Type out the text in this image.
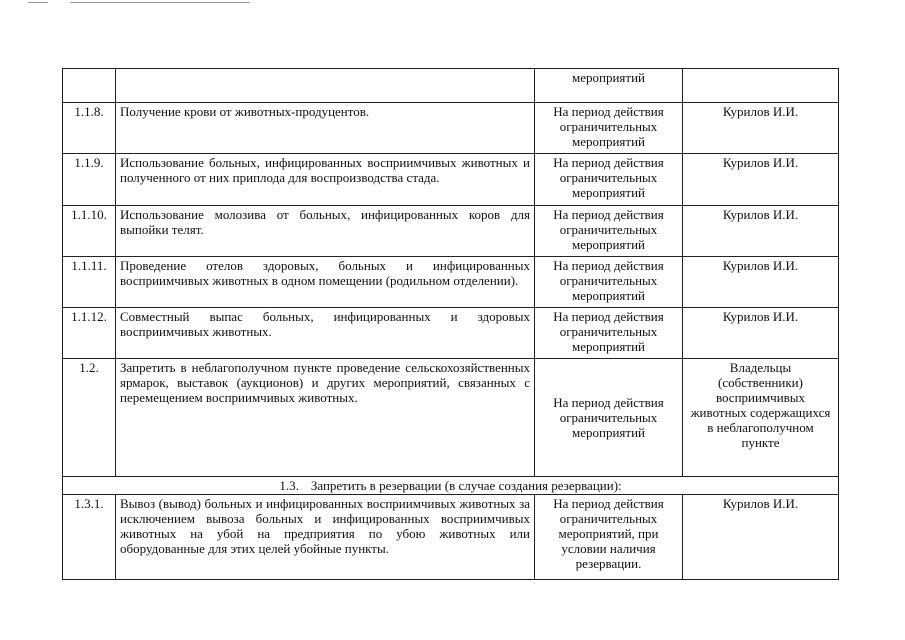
		мероприятий	
1.1.8.	Получение крови от животных-продуцентов.	На период действия ограничительных мероприятий	Курилов И.И.
1.1.9.	Использование больных, инфицированных восприимчивых животных и полученного от них приплода для воспроизводства стада.	На период действия ограничительных мероприятий	Курилов И.И.
1.1.10.	Использование молозива от больных, инфицированных коров для выпойки телят.	На период действия ограничительных мероприятий	Курилов И.И.
1.1.11.	Проведение отелов здоровых, больных и инфицированных восприимчивых животных в одном помещении (родильном отделении).	На период действия ограничительных мероприятий	Курилов И.И.
1.1.12.	Совместный выпас больных, инфицированных и здоровых восприимчивых животных.	На период действия ограничительных мероприятий	Курилов И.И.
1.2.	Запретить в неблагополучном пункте проведение сельскохозяйственных ярмарок, выставок (аукционов) и других мероприятий, связанных с перемещением восприимчивых животных.	На период действия ограничительных мероприятий	Владельцы (собственники) восприимчивых животных содержащихся в неблагополучном пункте
1.3. Запретить в резервации (в случае создания резервации):			
1.3.1.	Вывоз (вывод) больных и инфицированных восприимчивых животных за исключением вывоза больных и инфицированных восприимчивых животных на убой на предприятия по убою животных или оборудованные для этих целей убойные пункты.	На период действия ограничительных мероприятий, при условии наличия резервации.	Курилов И.И.
